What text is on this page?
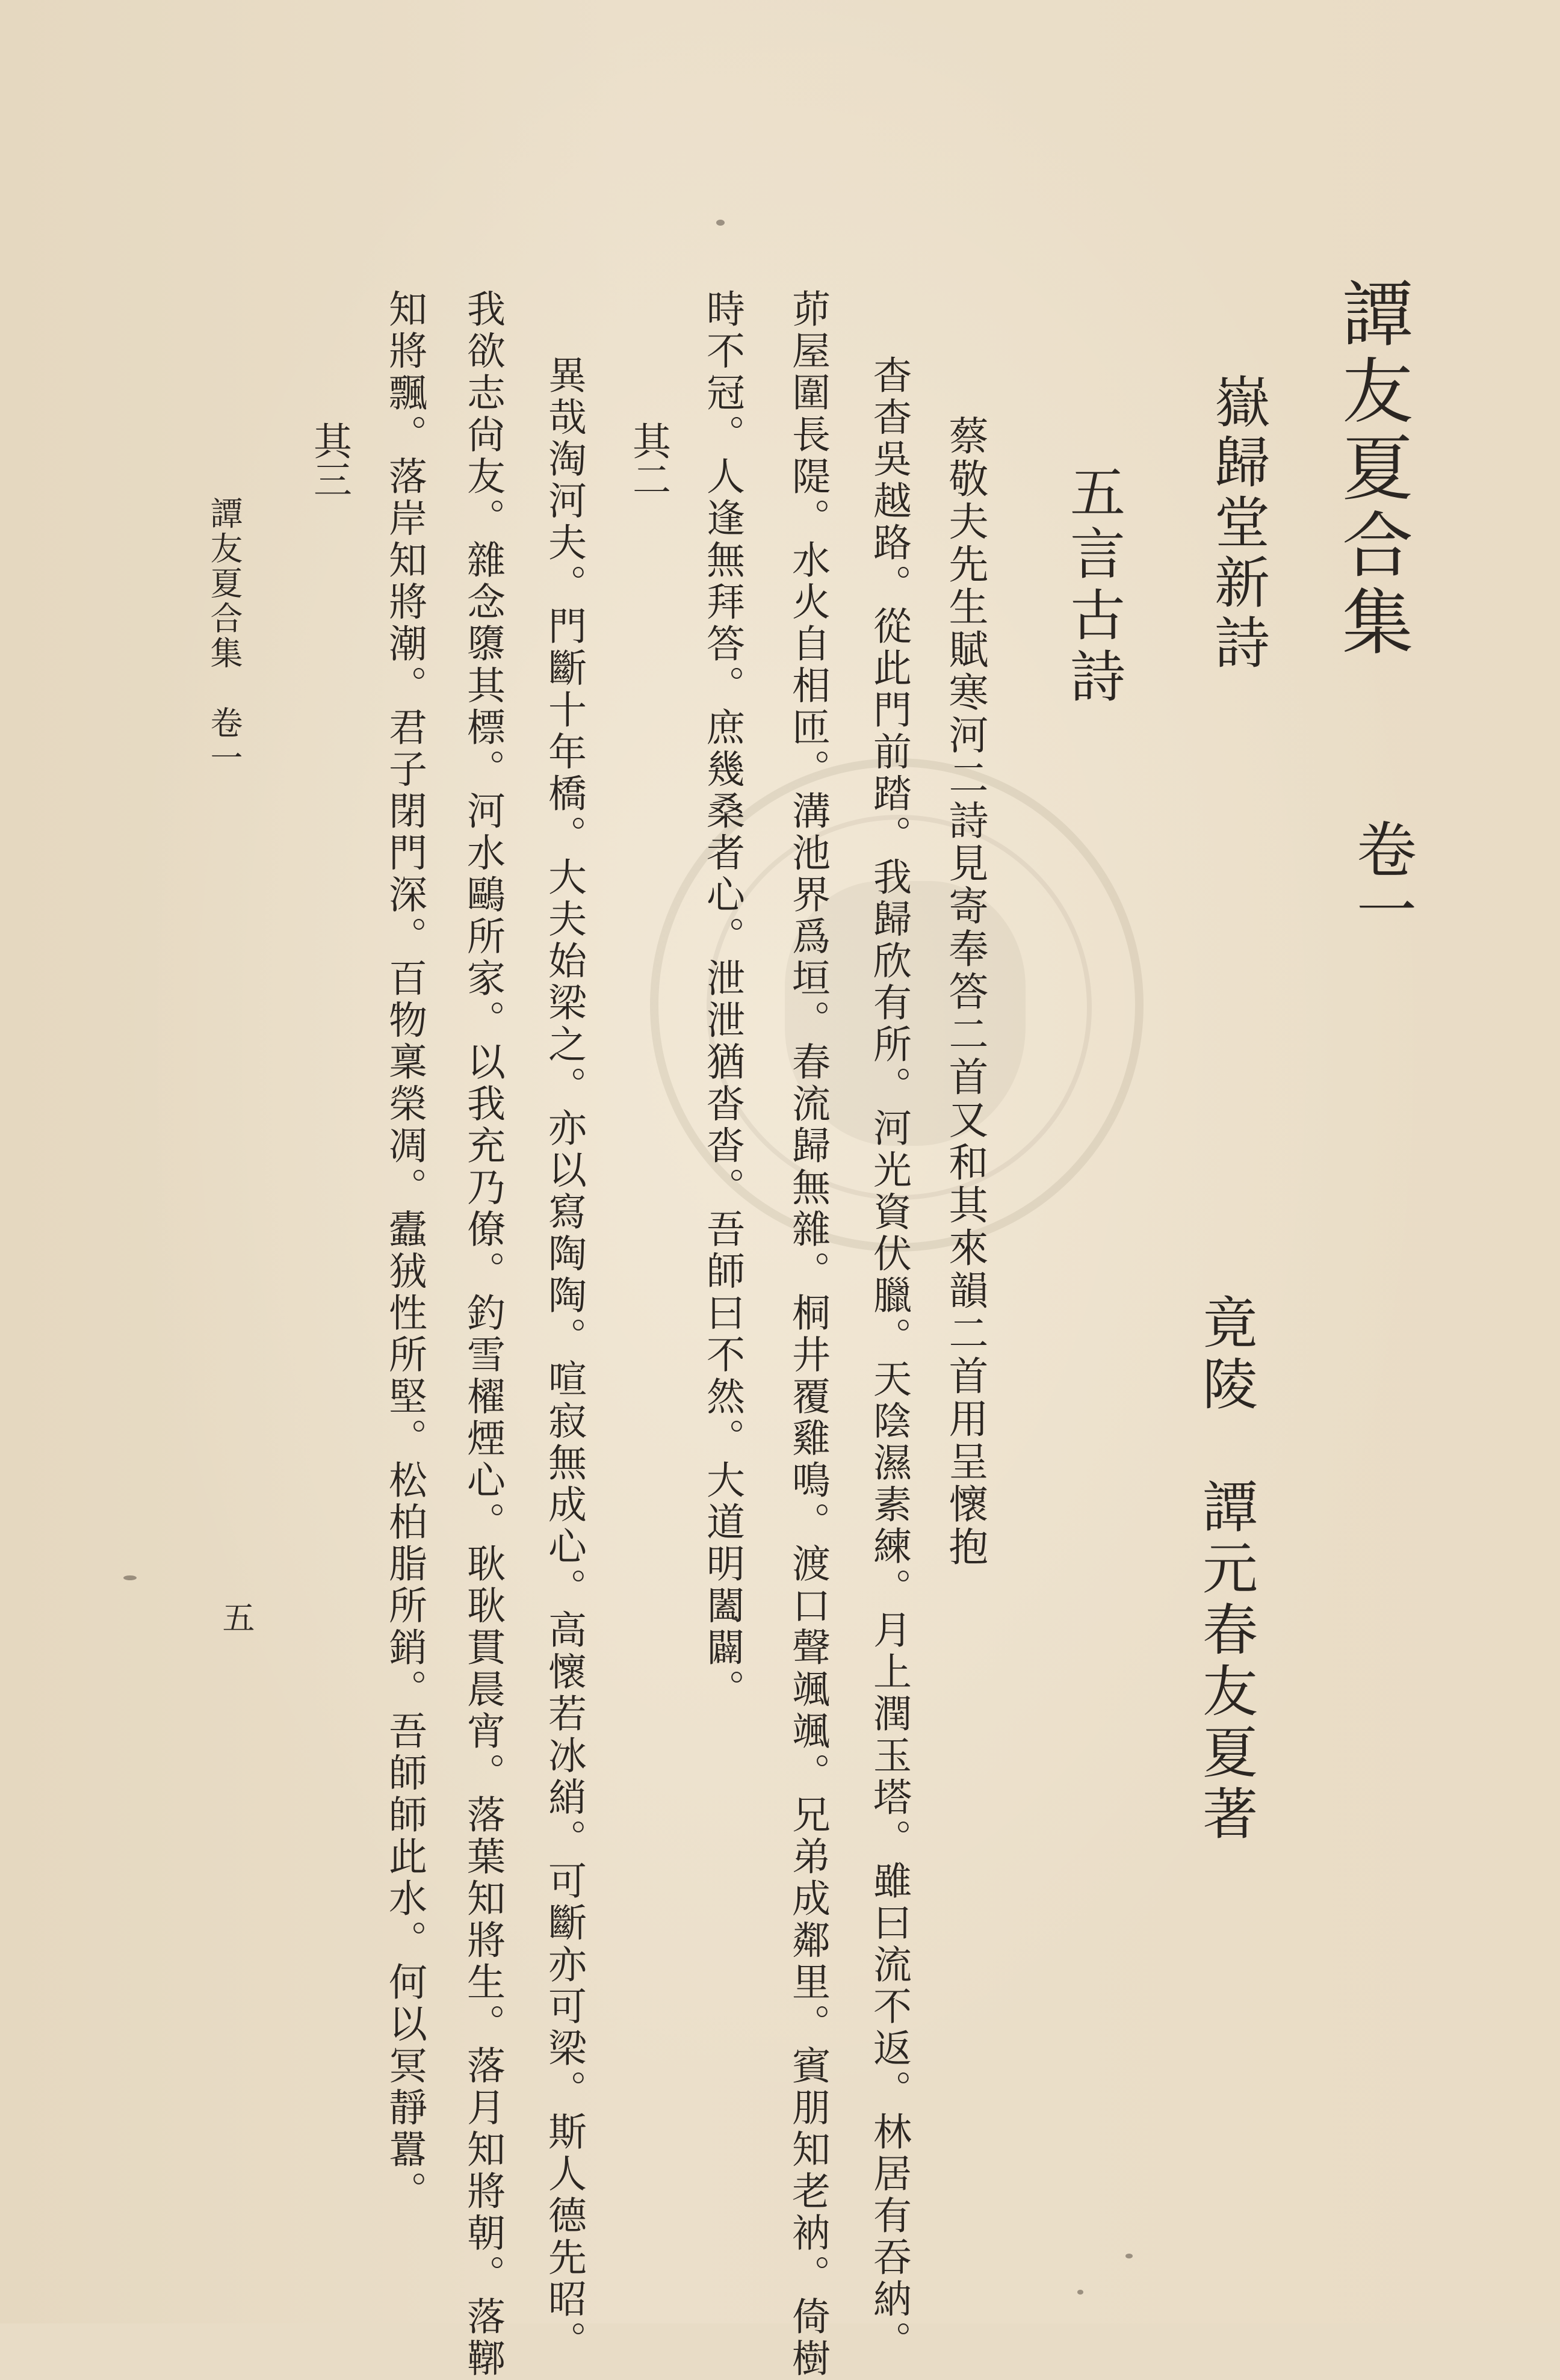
譚友夏合集
卷一
嶽歸堂新詩
竟陵　譚元春友夏著
五言古詩
蔡敬夫先生賦寒河二詩見寄奉答二首又和其來韻二首用呈懷抱
杳杳吳越路。從此門前踏。我歸欣有所。河光資伏臘。天陰濕素練。月上潤玉塔。雖曰流不返。林居有吞納。
茆屋圍長隄。水火自相匝。溝池界爲垣。春流歸無雜。桐井覆雞鳴。渡口聲颯颯。兄弟成鄰里。賓朋知老衲。倚樹
時不冠。人逢無拜答。庶幾桑者心。泄泄猶沓沓。吾師曰不然。大道明闔闢。
其二
異哉淘河夫。門斷十年橋。大夫始梁之。亦以寫陶陶。喧寂無成心。高懷若冰綃。可斷亦可梁。斯人德先昭。
我欲志尙友。雜念隳其標。河水鷗所家。以我充乃僚。釣雪櫂煙心。耿耿貫晨宵。落葉知將生。落月知將朝。落鞹
知將飄。落岸知將潮。君子閉門深。百物稟榮凋。蠹狨性所堅。松柏脂所銷。吾師師此水。何以冥靜囂。
其三
譚友夏合集　卷一
五
